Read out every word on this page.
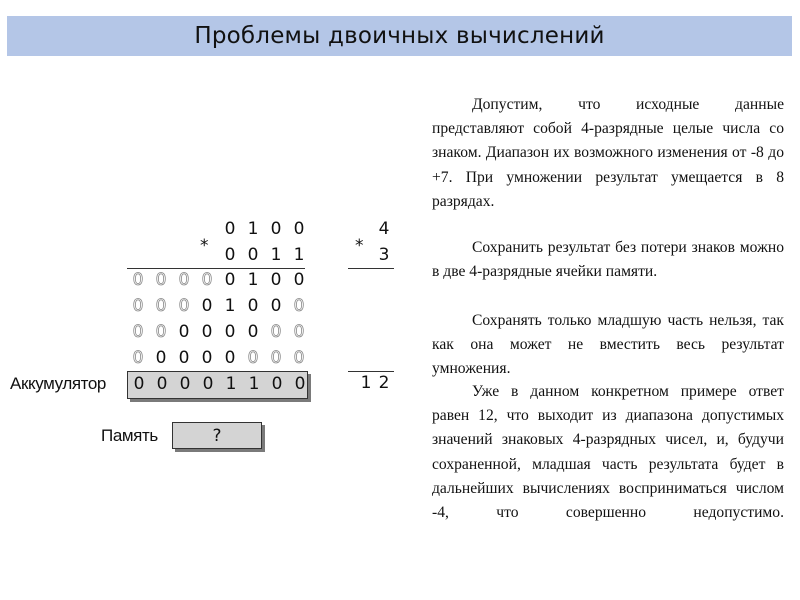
Проблемы двоичных вычислений

Допустим, что исходные данные представляют собой 4-разрядные целые числа со знаком. Диапазон их возможного изменения от -8 до +7. При умножении результат умещается в 8 разрядах.

Сохранить результат без потери знаков можно в две 4-разрядные ячейки памяти.

Сохранять только младшую часть нельзя, так как она может не вместить весь результат умножения.

Уже в данном конкретном примере ответ равен 12, что выходит из диапазона допустимых значений знаковых 4-разрядных чисел, и, будучи сохраненной, младшая часть результата будет в дальнейших вычислениях восприниматься числом -4, что совершенно недопустимо.

0 1 0 0
* 0 0 1 1
0 0 0 0 0 1 0 0
0 0 0 0 1 0 0 0
0 0 0 0 0 0 0 0
0 0 0 0 0 0 0 0
Аккумулятор	0 0 0 0 1 1 0 0
Память	?
4
* 3
1 2
